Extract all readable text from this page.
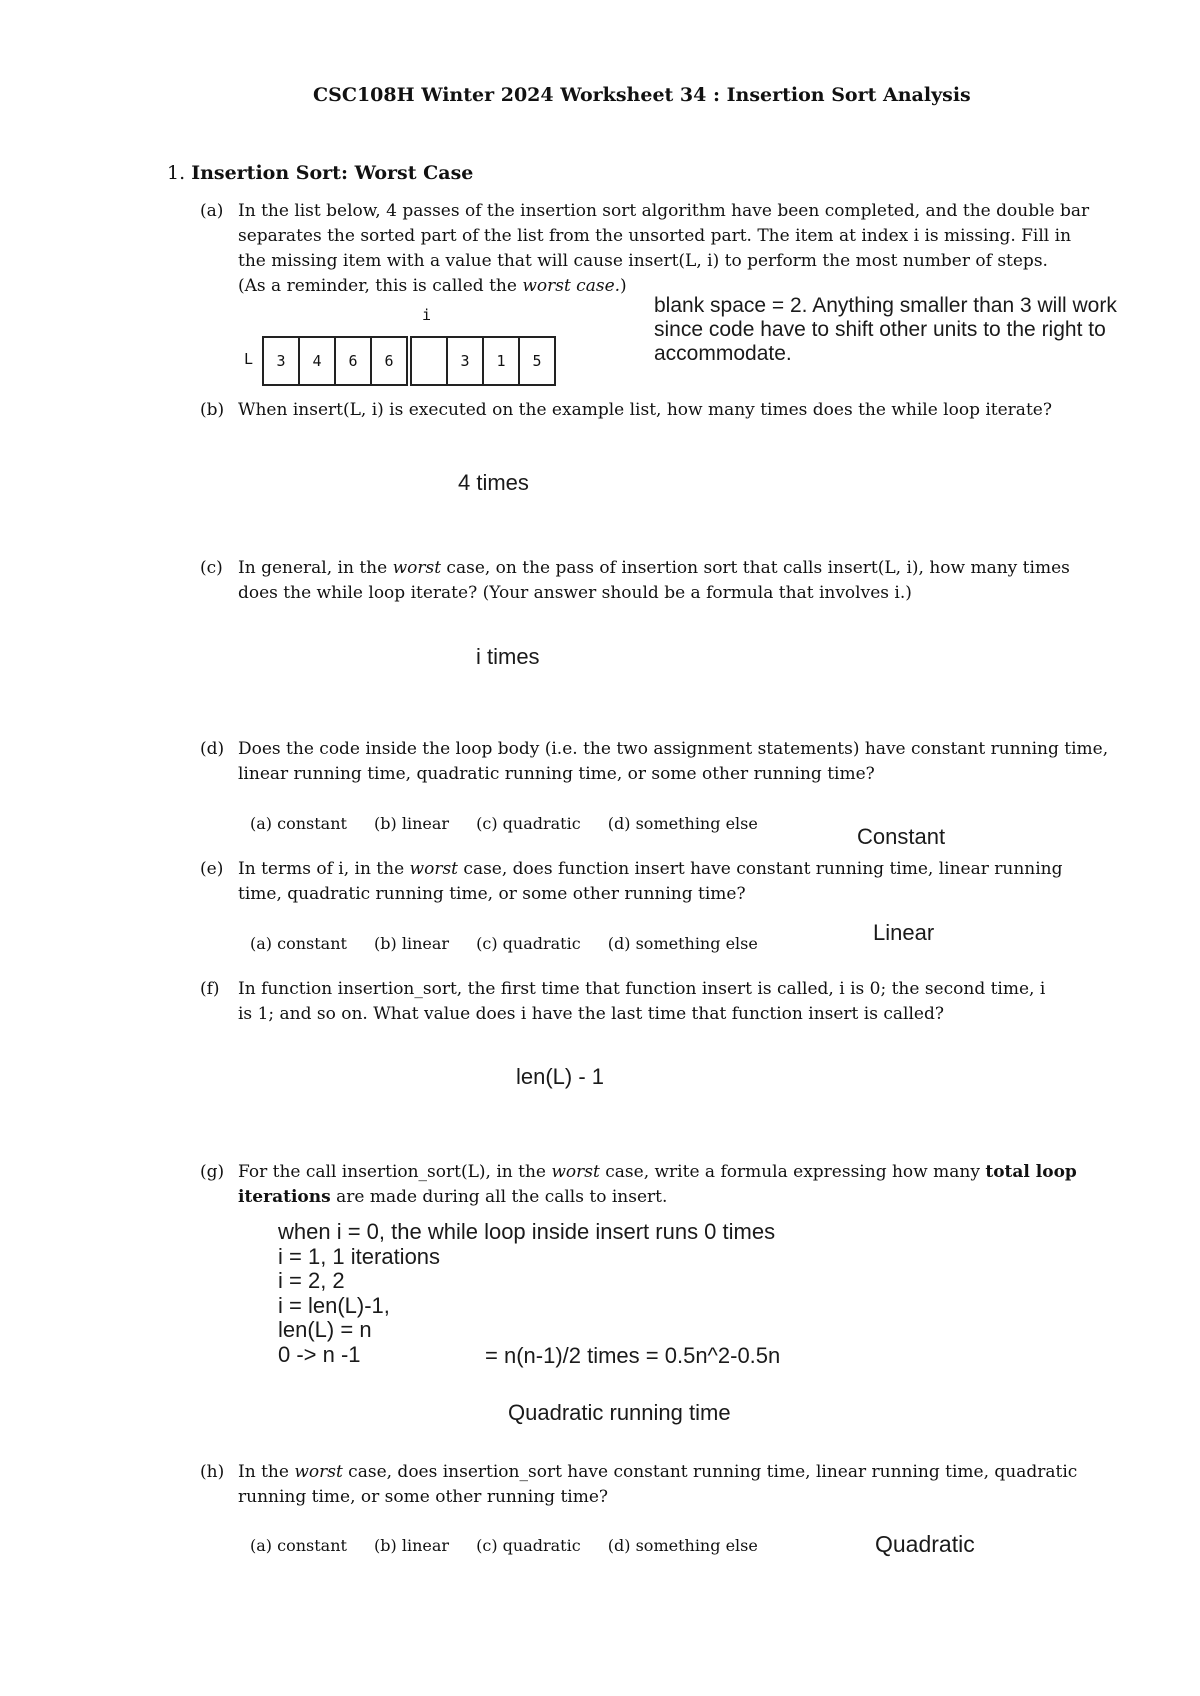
CSC108H Winter 2024 Worksheet 34 : Insertion Sort Analysis
1. Insertion Sort: Worst Case
(a) In the list below, 4 passes of the insertion sort algorithm have been completed, and the double bar
separates the sorted part of the list from the unsorted part. The item at index i is missing. Fill in
the missing item with a value that will cause insert(L, i) to perform the most number of steps.
(As a reminder, this is called the worst case.)
i
L 3	4	6	6		3	1	5
blank space = 2. Anything smaller than 3 will work
since code have to shift other units to the right to
accommodate.
(b) When insert(L, i) is executed on the example list, how many times does the while loop iterate?
4 times
(c) In general, in the worst case, on the pass of insertion sort that calls insert(L, i), how many times
does the while loop iterate? (Your answer should be a formula that involves i.)
i times
(d) Does the code inside the loop body (i.e. the two assignment statements) have constant running time,
linear running time, quadratic running time, or some other running time?
(a) constant (b) linear (c) quadratic (d) something else
Constant
(e) In terms of i, in the worst case, does function insert have constant running time, linear running
time, quadratic running time, or some other running time?
(a) constant (b) linear (c) quadratic (d) something else	Linear
(f) In function insertion_sort, the first time that function insert is called, i is 0; the second time, i
is 1; and so on. What value does i have the last time that function insert is called?
len(L) - 1
(g) For the call insertion_sort(L), in the worst case, write a formula expressing how many total loop
iterations are made during all the calls to insert.
when i = 0, the while loop inside insert runs 0 times
i = 1, 1 iterations
i = 2, 2
i = len(L)-1,
len(L) = n
0 -> n -1	= n(n-1)/2 times = 0.5n^2-0.5n
Quadratic running time
(h) In the worst case, does insertion_sort have constant running time, linear running time, quadratic
running time, or some other running time?
(a) constant (b) linear (c) quadratic (d) something else	Quadratic
